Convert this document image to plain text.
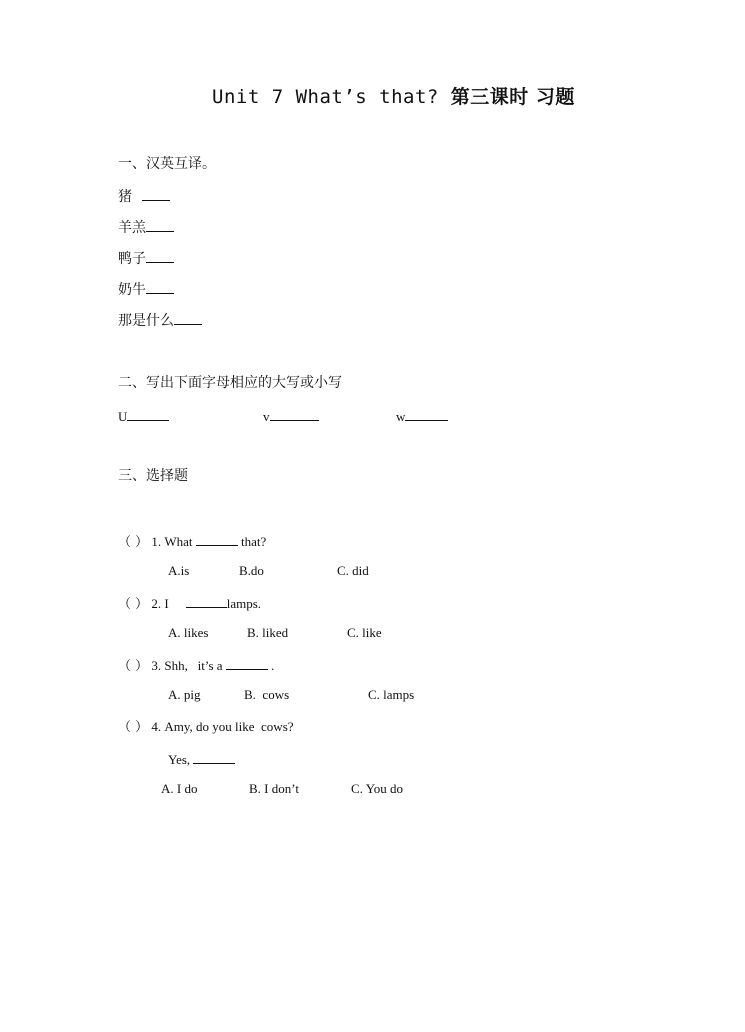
Unit 7 What’s that? 第三课时 习题
一、汉英互译。
猪
羊羔
鸭子
奶牛
那是什么
二、写出下面字母相应的大写或小写
U	v	w
三、选择题
（ ） 1. What	that?
A.is	B.do	C. did
（ ） 2. I	lamps.
A. likes	B. liked	C. like
（ ） 3. Shh,   it’s a	.
A. pig	B.  cows	C. lamps
（ ） 4. Amy, do you like  cows?
Yes,
A. I do	B. I don’t	C. You do
